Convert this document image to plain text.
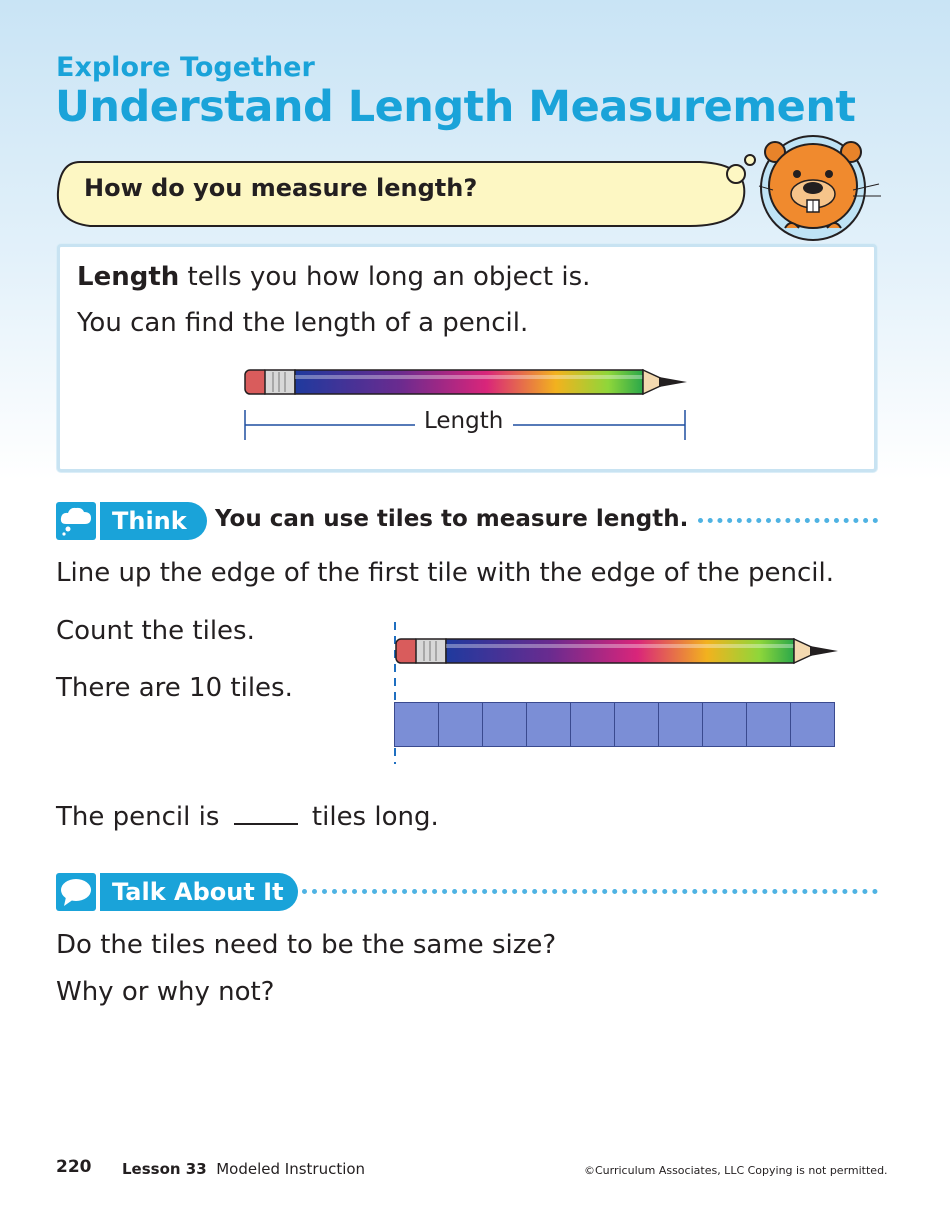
Explore Together
Understand Length Measurement
How do you measure length?
Length tells you how long an object is.
You can find the length of a pencil.
Length
Think	You can use tiles to measure length.
Line up the edge of the first tile with the edge of the pencil.
Count the tiles.
There are 10 tiles.
The pencil is	tiles long.
Talk About It
Do the tiles need to be the same size?
Why or why not?
220 Lesson 33 Modeled Instruction	©Curriculum Associates, LLC Copying is not permitted.
